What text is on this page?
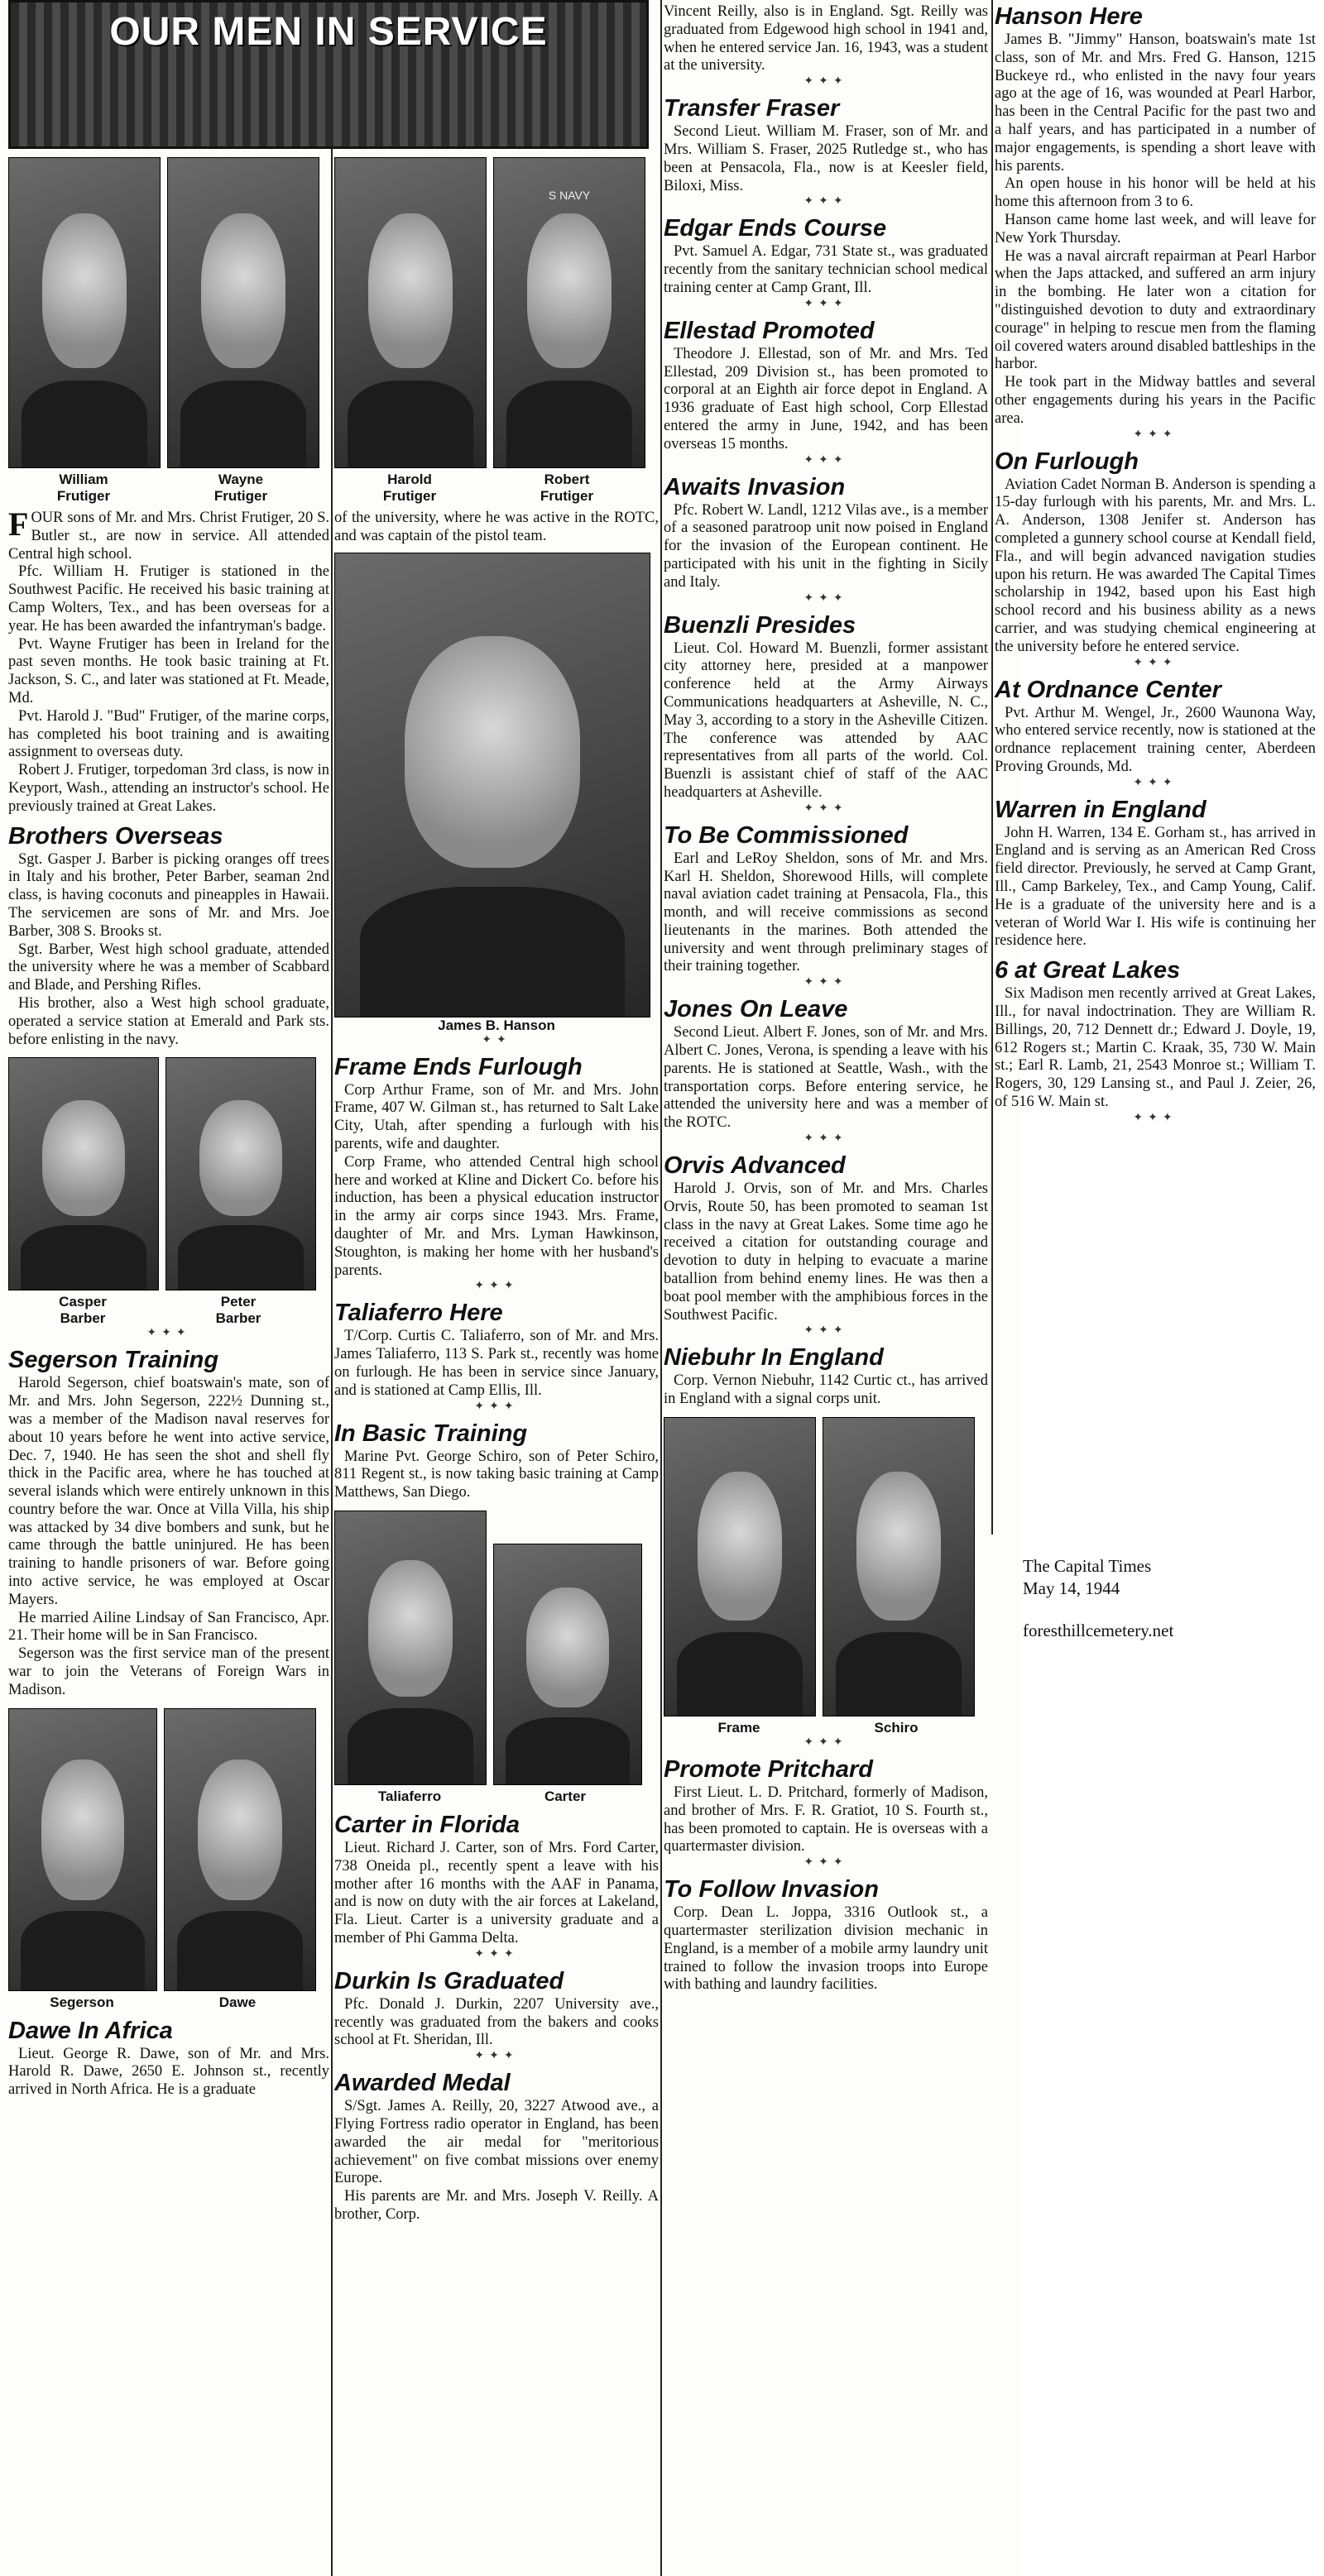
OUR MEN IN SERVICE
William
Frutiger
Wayne
Frutiger

FOUR sons of Mr. and Mrs. Christ Frutiger, 20 S. Butler st., are now in service. All attended Central high school.

Pfc. William H. Frutiger is stationed in the Southwest Pacific. He received his basic training at Camp Wolters, Tex., and has been overseas for a year. He has been awarded the infantryman's badge.

Pvt. Wayne Frutiger has been in Ireland for the past seven months. He took basic training at Ft. Jackson, S. C., and later was stationed at Ft. Meade, Md.

Pvt. Harold J. "Bud" Frutiger, of the marine corps, has completed his boot training and is awaiting assignment to overseas duty.

Robert J. Frutiger, torpedoman 3rd class, is now in Keyport, Wash., attending an instructor's school. He previously trained at Great Lakes.

Brothers Overseas

Sgt. Gasper J. Barber is picking oranges off trees in Italy and his brother, Peter Barber, seaman 2nd class, is having coconuts and pineapples in Hawaii. The servicemen are sons of Mr. and Mrs. Joe Barber, 308 S. Brooks st.

Sgt. Barber, West high school graduate, attended the university where he was a member of Scabbard and Blade, and Pershing Rifles.

His brother, also a West high school graduate, operated a service station at Emerald and Park sts. before enlisting in the navy.

Casper
Barber
Peter
Barber
✦✦✦
Segerson Training

Harold Segerson, chief boatswain's mate, son of Mr. and Mrs. John Segerson, 222½ Dunning st., was a member of the Madison naval reserves for about 10 years before he went into active service, Dec. 7, 1940. He has seen the shot and shell fly thick in the Pacific area, where he has touched at several islands which were entirely unknown in this country before the war. Once at Villa Villa, his ship was attacked by 34 dive bombers and sunk, but he came through the battle uninjured. He has been training to handle prisoners of war. Before going into active service, he was employed at Oscar Mayers.

He married Ailine Lindsay of San Francisco, Apr. 21. Their home will be in San Francisco.

Segerson was the first service man of the present war to join the Veterans of Foreign Wars in Madison.

Segerson	Dawe
Dawe In Africa

Lieut. George R. Dawe, son of Mr. and Mrs. Harold R. Dawe, 2650 E. Johnson st., recently arrived in North Africa. He is a graduate

S NAVY
Harold
Frutiger
Robert
Frutiger

of the university, where he was active in the ROTC, and was captain of the pistol team.

James B. Hanson
✦✦
Frame Ends Furlough

Corp Arthur Frame, son of Mr. and Mrs. John Frame, 407 W. Gilman st., has returned to Salt Lake City, Utah, after spending a furlough with his parents, wife and daughter.

Corp Frame, who attended Central high school here and worked at Kline and Dickert Co. before his induction, has been a physical education instructor in the army air corps since 1943. Mrs. Frame, daughter of Mr. and Mrs. Lyman Hawkinson, Stoughton, is making her home with her husband's parents.

✦✦✦
Taliaferro Here

T/Corp. Curtis C. Taliaferro, son of Mr. and Mrs. James Taliaferro, 113 S. Park st., recently was home on furlough. He has been in service since January, and is stationed at Camp Ellis, Ill.

✦✦✦
In Basic Training

Marine Pvt. George Schiro, son of Peter Schiro, 811 Regent st., is now taking basic training at Camp Matthews, San Diego.

Taliaferro	Carter
Carter in Florida

Lieut. Richard J. Carter, son of Mrs. Ford Carter, 738 Oneida pl., recently spent a leave with his mother after 16 months with the AAF in Panama, and is now on duty with the air forces at Lakeland, Fla. Lieut. Carter is a university graduate and a member of Phi Gamma Delta.

✦✦✦
Durkin Is Graduated

Pfc. Donald J. Durkin, 2207 University ave., recently was graduated from the bakers and cooks school at Ft. Sheridan, Ill.

✦✦✦
Awarded Medal

S/Sgt. James A. Reilly, 20, 3227 Atwood ave., a Flying Fortress radio operator in England, has been awarded the air medal for "meritorious achievement" on five combat missions over enemy Europe.

His parents are Mr. and Mrs. Joseph V. Reilly. A brother, Corp.

Vincent Reilly, also is in England. Sgt. Reilly was graduated from Edgewood high school in 1941 and, when he entered service Jan. 16, 1943, was a student at the university.

✦✦✦
Transfer Fraser

Second Lieut. William M. Fraser, son of Mr. and Mrs. William S. Fraser, 2025 Rutledge st., who has been at Pensacola, Fla., now is at Keesler field, Biloxi, Miss.

✦✦✦
Edgar Ends Course

Pvt. Samuel A. Edgar, 731 State st., was graduated recently from the sanitary technician school medical training center at Camp Grant, Ill.

✦✦✦
Ellestad Promoted

Theodore J. Ellestad, son of Mr. and Mrs. Ted Ellestad, 209 Division st., has been promoted to corporal at an Eighth air force depot in England. A 1936 graduate of East high school, Corp Ellestad entered the army in June, 1942, and has been overseas 15 months.

✦✦✦
Awaits Invasion

Pfc. Robert W. Landl, 1212 Vilas ave., is a member of a seasoned paratroop unit now poised in England for the invasion of the European continent. He participated with his unit in the fighting in Sicily and Italy.

✦✦✦
Buenzli Presides

Lieut. Col. Howard M. Buenzli, former assistant city attorney here, presided at a manpower conference held at the Army Airways Communications headquarters at Asheville, N. C., May 3, according to a story in the Asheville Citizen. The conference was attended by AAC representatives from all parts of the world. Col. Buenzli is assistant chief of staff of the AAC headquarters at Asheville.

✦✦✦
To Be Commissioned

Earl and LeRoy Sheldon, sons of Mr. and Mrs. Karl H. Sheldon, Shorewood Hills, will complete naval aviation cadet training at Pensacola, Fla., this month, and will receive commissions as second lieutenants in the marines. Both attended the university and went through preliminary stages of their training together.

✦✦✦
Jones On Leave

Second Lieut. Albert F. Jones, son of Mr. and Mrs. Albert C. Jones, Verona, is spending a leave with his parents. He is stationed at Seattle, Wash., with the transportation corps. Before entering service, he attended the university here and was a member of the ROTC.

✦✦✦
Orvis Advanced

Harold J. Orvis, son of Mr. and Mrs. Charles Orvis, Route 50, has been promoted to seaman 1st class in the navy at Great Lakes. Some time ago he received a citation for outstanding courage and devotion to duty in helping to evacuate a marine batallion from behind enemy lines. He was then a boat pool member with the amphibious forces in the Southwest Pacific.

✦✦✦
Niebuhr In England

Corp. Vernon Niebuhr, 1142 Curtic ct., has arrived in England with a signal corps unit.

Frame	Schiro
✦✦✦
Promote Pritchard

First Lieut. L. D. Pritchard, formerly of Madison, and brother of Mrs. F. R. Gratiot, 10 S. Fourth st., has been promoted to captain. He is overseas with a quartermaster division.

✦✦✦
To Follow Invasion

Corp. Dean L. Joppa, 3316 Outlook st., a quartermaster sterilization division mechanic in England, is a member of a mobile army laundry unit trained to follow the invasion troops into Europe with bathing and laundry facilities.

Hanson Here

James B. "Jimmy" Hanson, boatswain's mate 1st class, son of Mr. and Mrs. Fred G. Hanson, 1215 Buckeye rd., who enlisted in the navy four years ago at the age of 16, was wounded at Pearl Harbor, has been in the Central Pacific for the past two and a half years, and has participated in a number of major engagements, is spending a short leave with his parents.

An open house in his honor will be held at his home this afternoon from 3 to 6.

Hanson came home last week, and will leave for New York Thursday.

He was a naval aircraft repairman at Pearl Harbor when the Japs attacked, and suffered an arm injury in the bombing. He later won a citation for "distinguished devotion to duty and extraordinary courage" in helping to rescue men from the flaming oil covered waters around disabled battleships in the harbor.

He took part in the Midway battles and several other engagements during his years in the Pacific area.

✦✦✦
On Furlough

Aviation Cadet Norman B. Anderson is spending a 15-day furlough with his parents, Mr. and Mrs. L. A. Anderson, 1308 Jenifer st. Anderson has completed a gunnery school course at Kendall field, Fla., and will begin advanced navigation studies upon his return. He was awarded The Capital Times scholarship in 1942, based upon his East high school record and his business ability as a news carrier, and was studying chemical engineering at the university before he entered service.

✦✦✦
At Ordnance Center

Pvt. Arthur M. Wengel, Jr., 2600 Waunona Way, who entered service recently, now is stationed at the ordnance replacement training center, Aberdeen Proving Grounds, Md.

✦✦✦
Warren in England

John H. Warren, 134 E. Gorham st., has arrived in England and is serving as an American Red Cross field director. Previously, he served at Camp Grant, Ill., Camp Barkeley, Tex., and Camp Young, Calif. He is a graduate of the university here and is a veteran of World War I. His wife is continuing her residence here.

6 at Great Lakes

Six Madison men recently arrived at Great Lakes, Ill., for naval indoctrination. They are William R. Billings, 20, 712 Dennett dr.; Edward J. Doyle, 19, 612 Rogers st.; Martin C. Kraak, 35, 730 W. Main st.; Earl R. Lamb, 21, 2543 Monroe st.; William T. Rogers, 30, 129 Lansing st., and Paul J. Zeier, 26, of 516 W. Main st.

✦✦✦
The Capital Times
May 14, 1944
foresthillcemetery.net
